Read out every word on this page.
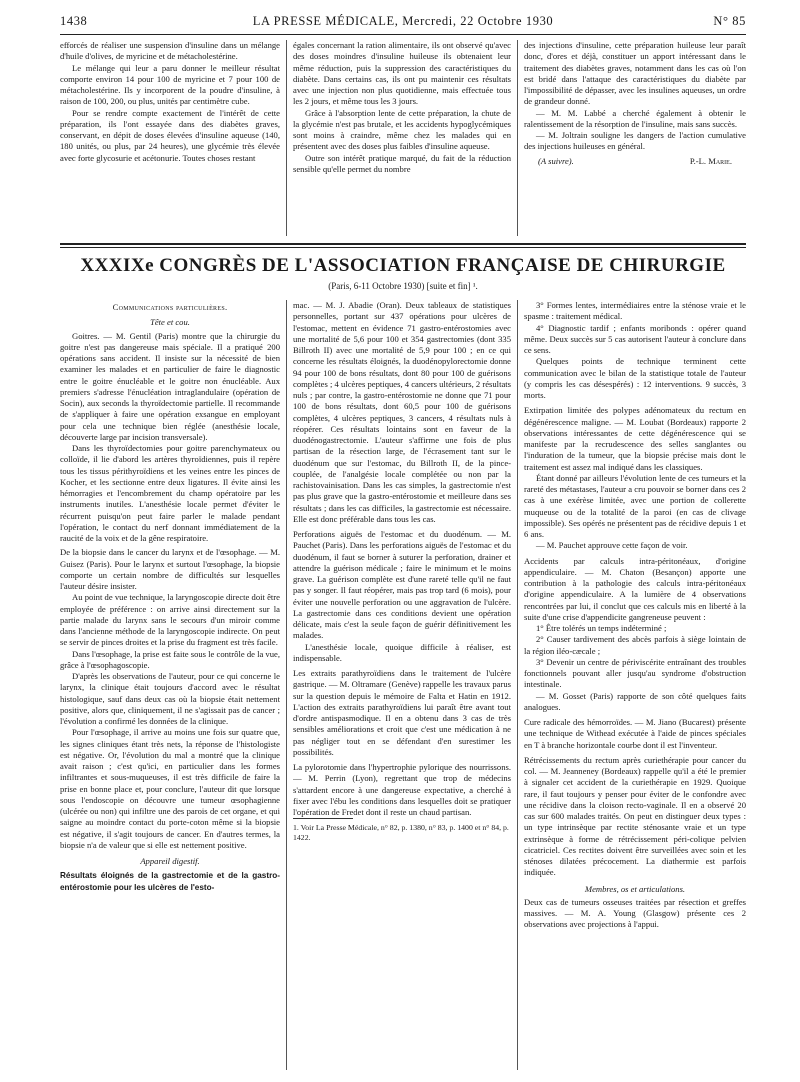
1438	LA PRESSE MÉDICALE, Mercredi, 22 Octobre 1930	N° 85

efforcés de réaliser une suspension d'insuline dans un mélange d'huile d'olives, de myricine et de métacholestérine.

Le mélange qui leur a paru donner le meilleur résultat comporte environ 14 pour 100 de myricine et 7 pour 100 de métacholestérine. Ils y incorporent de la poudre d'insuline, à raison de 100, 200, ou plus, unités par centimètre cube.

Pour se rendre compte exactement de l'intérêt de cette préparation, ils l'ont essayée dans des diabètes graves, conservant, en dépit de doses élevées d'insuline aqueuse (140, 180 unités, ou plus, par 24 heures), une glycémie très élevée avec forte glycosurie et acétonurie. Toutes choses restant

égales concernant la ration alimentaire, ils ont observé qu'avec des doses moindres d'insuline huileuse ils obtenaient leur même réduction, puis la suppression des caractéristiques du diabète. Dans certains cas, ils ont pu maintenir ces résultats avec une injection non plus quotidienne, mais effectuée tous les 2 jours, et même tous les 3 jours.

Grâce à l'absorption lente de cette préparation, la chute de la glycémie n'est pas brutale, et les accidents hypoglycémiques sont moins à craindre, même chez les malades qui en présentent avec des doses plus faibles d'insuline aqueuse.

Outre son intérêt pratique marqué, du fait de la réduction sensible qu'elle permet du nombre

des injections d'insuline, cette préparation huileuse leur paraît donc, d'ores et déjà, constituer un apport intéressant dans le traitement des diabètes graves, notamment dans les cas où l'on est bridé dans l'attaque des caractéristiques du diabète par l'impossibilité de dépasser, avec les insulines aqueuses, un ordre de grandeur donné.

— M. M. Labbé a cherché également à obtenir le ralentissement de la résorption de l'insuline, mais sans succès.

— M. Joltrain souligne les dangers de l'action cumulative des injections huileuses en général.

(A suivre).	P.-L. Marie.
XXXIXe CONGRÈS DE L'ASSOCIATION FRANÇAISE DE CHIRURGIE
(Paris, 6-11 Octobre 1930) [suite et fin] ¹.

Communications particulières.

Tête et cou.

Goitres. — M. Gentil (Paris) montre que la chirurgie du goitre n'est pas dangereuse mais spéciale. Il a pratiqué 200 opérations sans accident. Il insiste sur la nécessité de bien examiner les malades et en particulier de faire le diagnostic entre le goitre énucléable et le goitre non énucléable. Aux premiers s'adresse l'énucléation intraglandulaire (opération de Socin), aux seconds la thyroïdectomie partielle. Il recommande de s'appliquer à faire une opération exsangue en employant pour cela une technique bien réglée (anesthésie locale, découverte large par incision transversale).

Dans les thyroïdectomies pour goitre parenchymateux ou colloïde, il lie d'abord les artères thyroïdiennes, puis il repère tous les tissus périthyroïdiens et les veines entre les pinces de Kocher, et les sectionne entre deux ligatures. Il évite ainsi les hémorragies et l'encombrement du champ opératoire par les instruments inutiles. L'anesthésie locale permet d'éviter le récurrent puisqu'on peut faire parler le malade pendant l'opération, le contact du nerf donnant immédiatement de la raucité de la voix et de la gêne respiratoire.

De la biopsie dans le cancer du larynx et de l'œsophage. — M. Guisez (Paris). Pour le larynx et surtout l'œsophage, la biopsie comporte un certain nombre de difficultés sur lesquelles l'auteur désire insister.

Au point de vue technique, la laryngoscopie directe doit être employée de préférence : on arrive ainsi directement sur la partie malade du larynx sans le secours d'un miroir comme dans l'ancienne méthode de la laryngoscopie indirecte. On peut se servir de pinces droites et la prise du fragment est très facile.

Dans l'œsophage, la prise est faite sous le contrôle de la vue, grâce à l'œsophagoscopie.

D'après les observations de l'auteur, pour ce qui concerne le larynx, la clinique était toujours d'accord avec le résultat histologique, sauf dans deux cas où la biopsie était nettement positive, alors que, cliniquement, il ne s'agissait pas de cancer ; l'évolution a confirmé les données de la clinique.

Pour l'œsophage, il arrive au moins une fois sur quatre que, les signes cliniques étant très nets, la réponse de l'histologiste est négative. Or, l'évolution du mal a montré que la clinique avait raison ; c'est qu'ici, en particulier dans les formes infiltrantes et sous-muqueuses, il est très difficile de faire la prise en bonne place et, pour conclure, l'auteur dit que lorsque sous l'endoscopie on découvre une tumeur œsophagienne (ulcérée ou non) qui infiltre une des parois de cet organe, et qui saigne au moindre contact du porte-coton même si la biopsie est négative, il s'agit toujours de cancer. En d'autres termes, la biopsie n'a de valeur que si elle est nettement positive.

Appareil digestif.

Résultats éloignés de la gastrectomie et de la gastro-entérostomie pour les ulcères de l'esto-

mac. — M. J. Abadie (Oran). Deux tableaux de statistiques personnelles, portant sur 437 opérations pour ulcères de l'estomac, mettent en évidence 71 gastro-entérostomies avec une mortalité de 5,6 pour 100 et 354 gastrectomies (dont 335 Billroth II) avec une mortalité de 5,9 pour 100 ; en ce qui concerne les résultats éloignés, la duodénopylorectomie donne 94 pour 100 de bons résultats, dont 80 pour 100 de guérisons complètes ; 4 ulcères peptiques, 4 cancers ultérieurs, 2 résultats nuls ; par contre, la gastro-entérostomie ne donne que 71 pour 100 de bons résultats, dont 60,5 pour 100 de guérisons complètes, 4 ulcères peptiques, 3 cancers, 4 résultats nuls à réopérer. Ces résultats lointains sont en faveur de la duodénogastrectomie. L'auteur s'affirme une fois de plus partisan de la résection large, de l'écrasement tant sur le duodénum que sur l'estomac, du Billroth II, de la pince-couplée, de l'analgésie locale complétée ou non par la rachistovainisation. Dans les cas simples, la gastrectomie n'est pas plus grave que la gastro-entérostomie et meilleure dans ses résultats ; dans les cas difficiles, la gastrectomie est nécessaire. Elle est donc préférable dans tous les cas.

Perforations aiguës de l'estomac et du duodénum. — M. Pauchet (Paris). Dans les perforations aiguës de l'estomac et du duodénum, il faut se borner à suturer la perforation, drainer et attendre la guérison médicale ; faire le minimum et le moins grave. La guérison complète est d'une rareté telle qu'il ne faut pas y songer. Il faut réopérer, mais pas trop tard (6 mois), pour éviter une nouvelle perforation ou une aggravation de l'ulcère. La gastrectomie dans ces conditions devient une opération délicate, mais c'est la seule façon de guérir définitivement les malades.

L'anesthésie locale, quoique difficile à réaliser, est indispensable.

Les extraits parathyroïdiens dans le traitement de l'ulcère gastrique. — M. Oltramare (Genève) rappelle les travaux parus sur la question depuis le mémoire de Falta et Hatin en 1912. L'action des extraits parathyroïdiens lui paraît être avant tout d'ordre antispasmodique. Il en a obtenu dans 3 cas de très sensibles améliorations et croit que c'est une médication à ne pas négliger tout en se défendant d'en surestimer les possibilités.

La pylorotomie dans l'hypertrophie pylorique des nourrissons. — M. Perrin (Lyon), regrettant que trop de médecins s'attardent encore à une dangereuse expectative, a cherché à fixer avec l'ébu les conditions dans lesquelles doit se pratiquer l'opération de Fredet dont il reste un chaud partisan.

1. Voir La Presse Médicale, n° 82, p. 1380, n° 83, p. 1400 et n° 84, p. 1422.

3° Formes lentes, intermédiaires entre la sténose vraie et le spasme : traitement médical.

4° Diagnostic tardif ; enfants moribonds : opérer quand même. Deux succès sur 5 cas autorisent l'auteur à conclure dans ce sens.

Quelques points de technique terminent cette communication avec le bilan de la statistique totale de l'auteur (y compris les cas désespérés) : 12 interventions. 9 succès, 3 morts.

Extirpation limitée des polypes adénomateux du rectum en dégénérescence maligne. — M. Loubat (Bordeaux) rapporte 2 observations intéressantes de cette dégénérescence qui se manifeste par la recrudescence des selles sanglantes ou l'induration de la tumeur, que la biopsie précise mais dont le traitement est assez mal indiqué dans les classiques.

Étant donné par ailleurs l'évolution lente de ces tumeurs et la rareté des métastases, l'auteur a cru pouvoir se borner dans ces 2 cas à une exérèse limitée, avec une portion de collerette muqueuse ou de la totalité de la paroi (en cas de clivage impossible). Ses opérés ne présentent pas de récidive depuis 1 et 6 ans.

— M. Pauchet approuve cette façon de voir.

Accidents par calculs intra-péritonéaux, d'origine appendiculaire. — M. Chaton (Besançon) apporte une contribution à la pathologie des calculs intra-péritonéaux d'origine appendiculaire. A la lumière de 4 observations rencontrées par lui, il conclut que ces calculs mis en liberté à la suite d'une crise d'appendicite gangreneuse peuvent :

1° Être tolérés un temps indéterminé ;

2° Causer tardivement des abcès parfois à siège lointain de la région iléo-cæcale ;

3° Devenir un centre de périviscérite entraînant des troubles fonctionnels pouvant aller jusqu'au syndrome d'obstruction intestinale.

— M. Gosset (Paris) rapporte de son côté quelques faits analogues.

Cure radicale des hémorroïdes. — M. Jiano (Bucarest) présente une technique de Withead exécutée à l'aide de pinces spéciales en T à branche horizontale courbe dont il est l'inventeur.

Rétrécissements du rectum après curiethérapie pour cancer du col. — M. Jeanneney (Bordeaux) rappelle qu'il a été le premier à signaler cet accident de la curiethérapie en 1929. Quoique rare, il faut toujours y penser pour éviter de le confondre avec une récidive dans la cloison recto-vaginale. Il en a observé 20 cas sur 600 malades traités. On peut en distinguer deux types : un type intrinsèque par rectite sténosante vraie et un type extrinsèque à forme de rétrécissement péri-colique pelvien cicatriciel. Ces rectites doivent être surveillées avec soin et les sténoses dilatées précocement. La diathermie est parfois indiquée.

Membres, os et articulations.

Deux cas de tumeurs osseuses traitées par résection et greffes massives. — M. A. Young (Glasgow) présente ces 2 observations avec projections à l'appui.
